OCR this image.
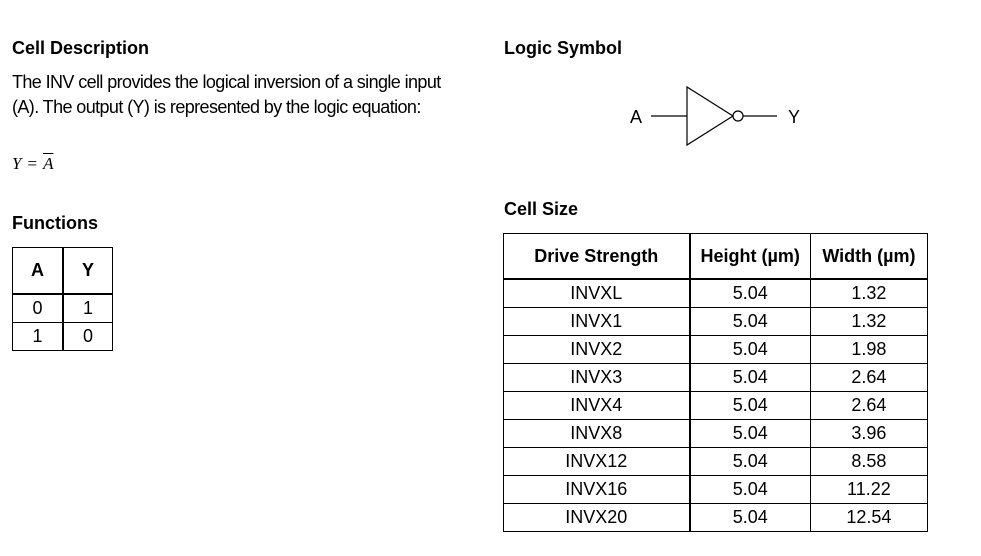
Cell Description

The INV cell provides the logical inversion of a single input (A). The output (Y) is represented by the logic equation:

$Y = \overline{A}$
Functions
A	Y
0	1
1	0
Logic Symbol
A	Y
Cell Size
Drive Strength	Height (µm)	Width (µm)
INVXL	5.04	1.32
INVX1	5.04	1.32
INVX2	5.04	1.98
INVX3	5.04	2.64
INVX4	5.04	2.64
INVX8	5.04	3.96
INVX12	5.04	8.58
INVX16	5.04	11.22
INVX20	5.04	12.54
